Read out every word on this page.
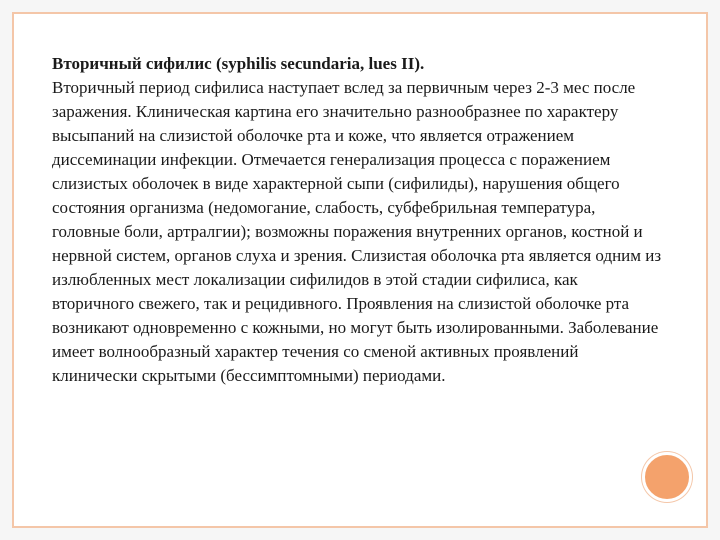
Вторичный сифилис (syphilis secundaria, lues II).
Вторичный период сифилиса наступает вслед за первичным через 2-3 мес после заражения. Клиническая картина его значительно разнообразнее по характеру высыпаний на слизистой оболочке рта и коже, что является отражением диссеминации инфекции. Отмечается генерализация процесса с поражением слизистых оболочек в виде характерной сыпи (сифилиды), нарушения общего состояния организма (недомогание, слабость, субфебрильная температура, головные боли, артралгии); возможны поражения внутренних органов, костной и нервной систем, органов слуха и зрения. Слизистая оболочка рта является одним из излюбленных мест локализации сифилидов в этой стадии сифилиса, как вторичного свежего, так и рецидивного. Проявления на слизистой оболочке рта возникают одновременно с кожными, но могут быть изолированными. Заболевание имеет волнообразный характер течения со сменой активных проявлений клинически скрытыми (бессимптомными) периодами.
